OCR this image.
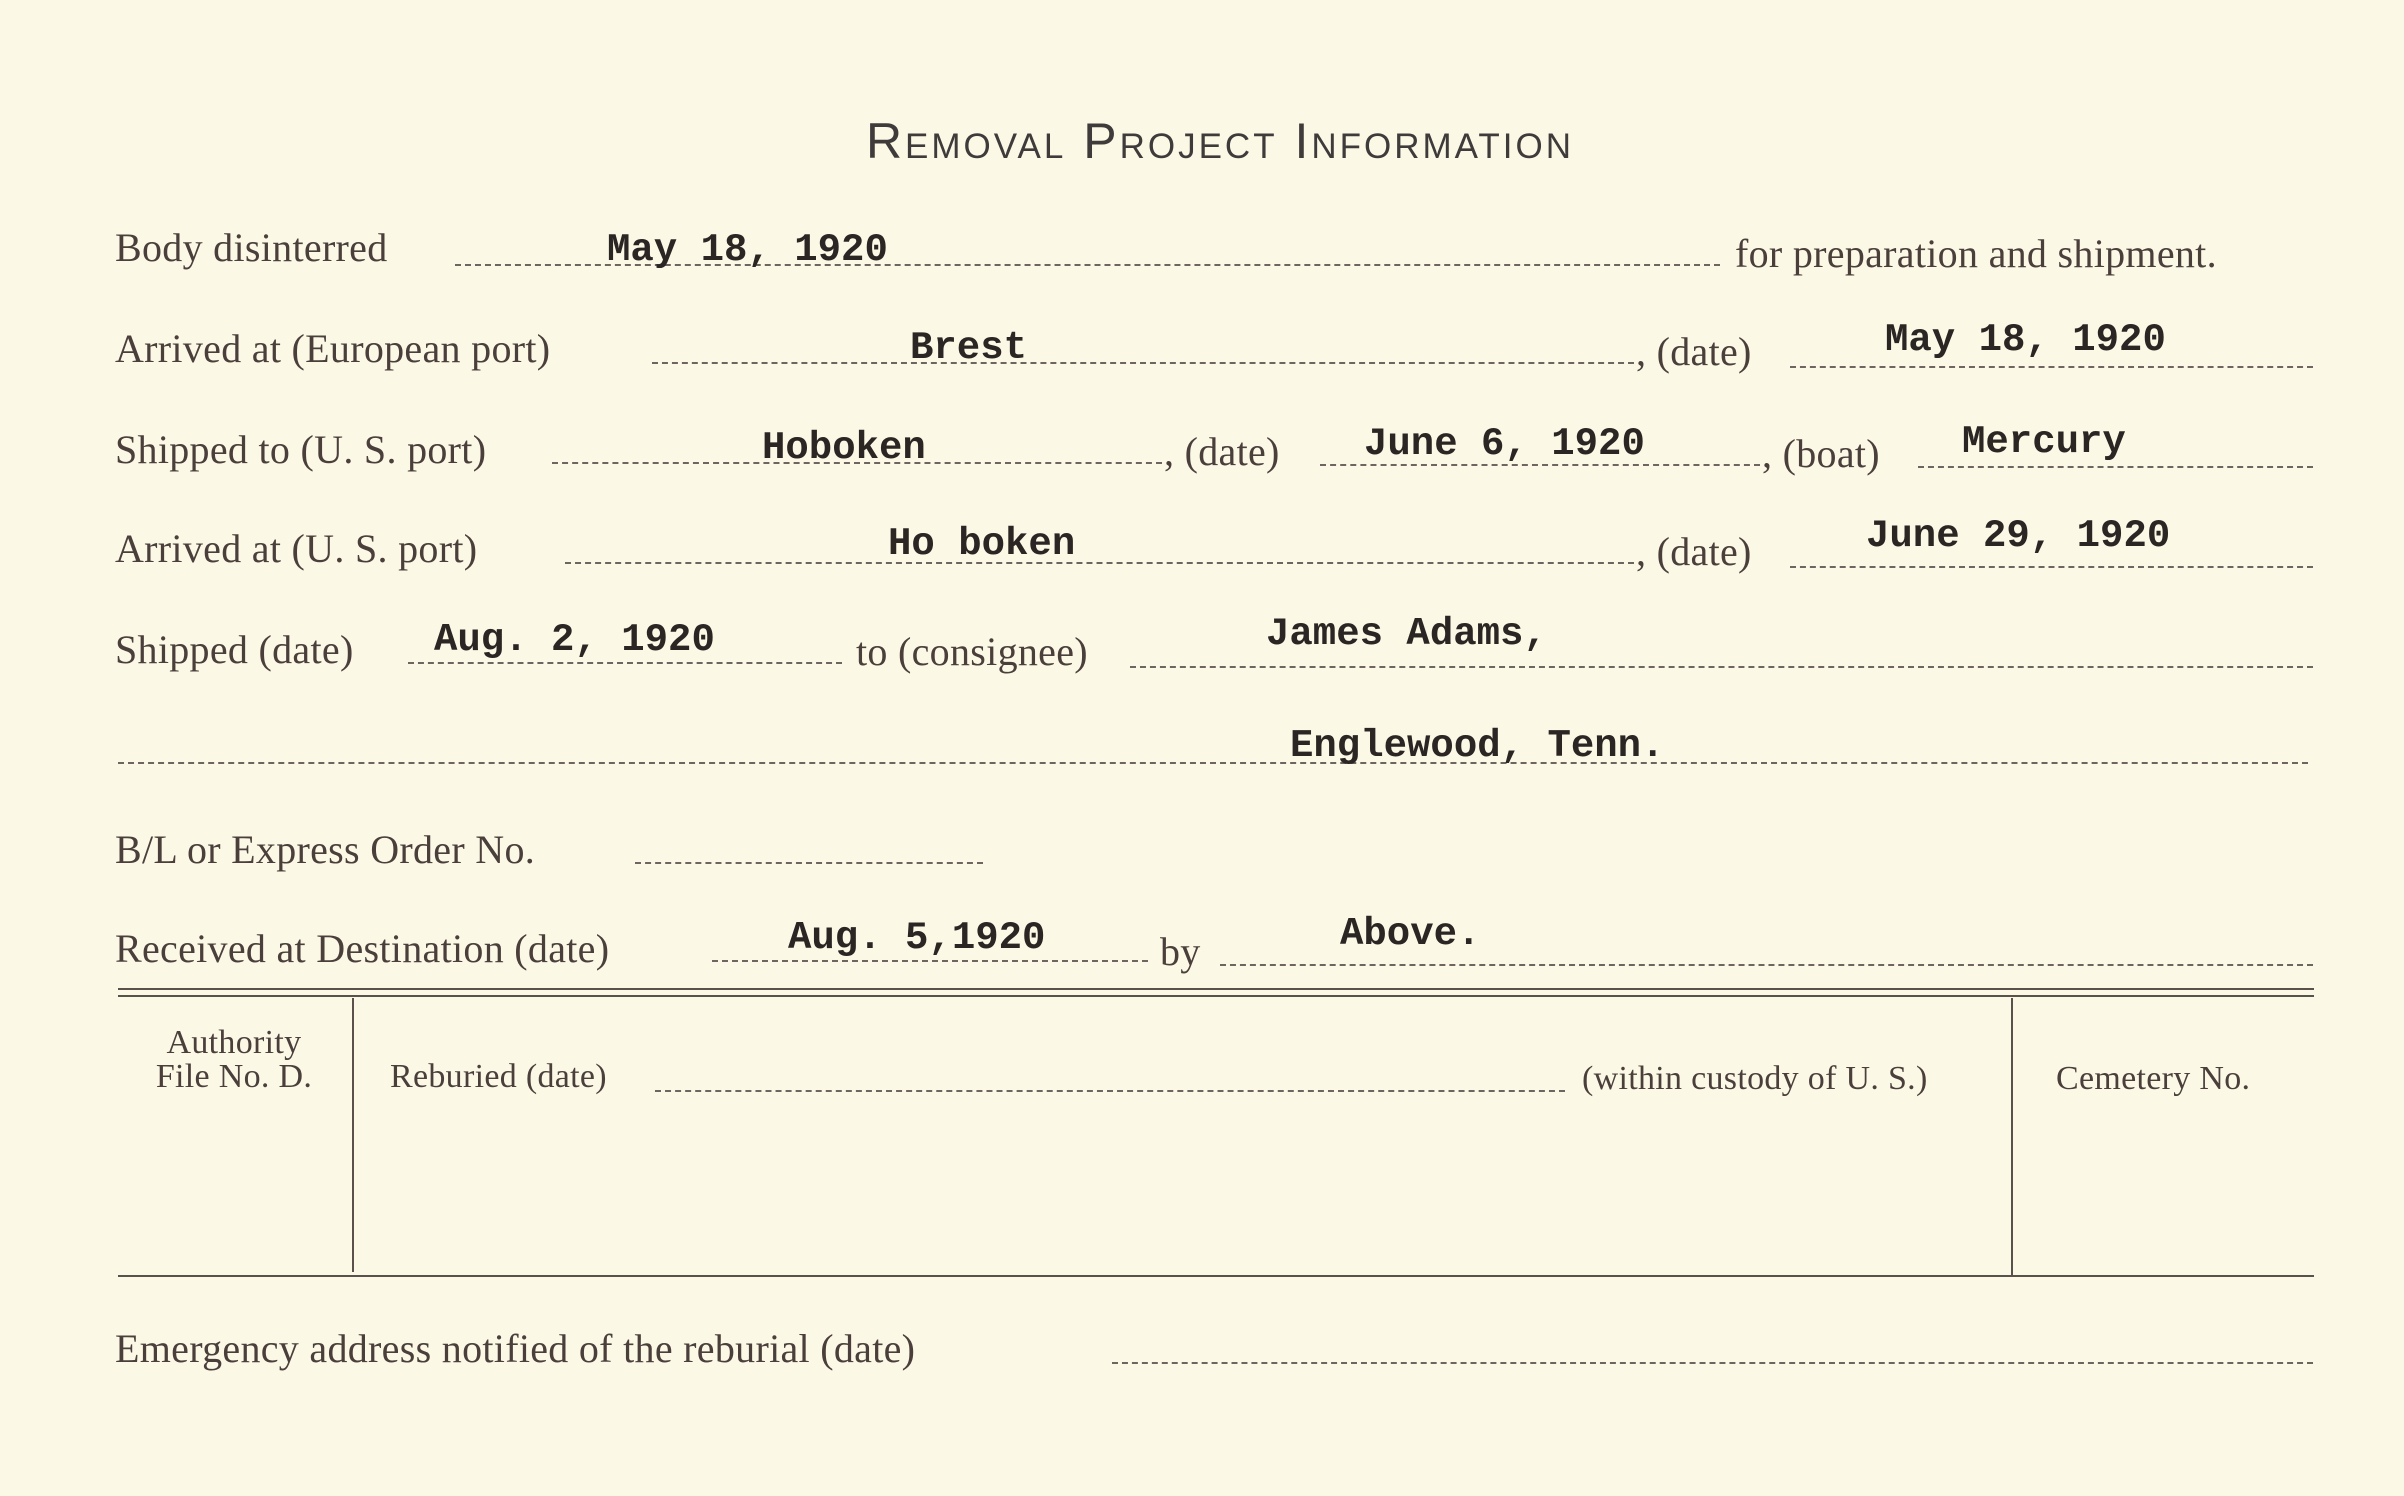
Removal Project Information
Body disinterred	May 18, 1920	for preparation and shipment.
Arrived at (European port)	Brest	, (date)	May 18, 1920
Shipped to (U. S. port)	Hoboken	, (date) June 6, 1920	, (boat) Mercury
Arrived at (U. S. port)	Ho boken	, (date)	June 29, 1920
Shipped (date) Aug. 2, 1920	to (consignee)	James Adams,
Englewood, Tenn.
B/L or Express Order No.
Received at Destination (date)	Aug. 5,1920	by	Above.
Authority
File No. D.	Reburied (date)	(within custody of U. S.)	Cemetery No.
Emergency address notified of the reburial (date)
